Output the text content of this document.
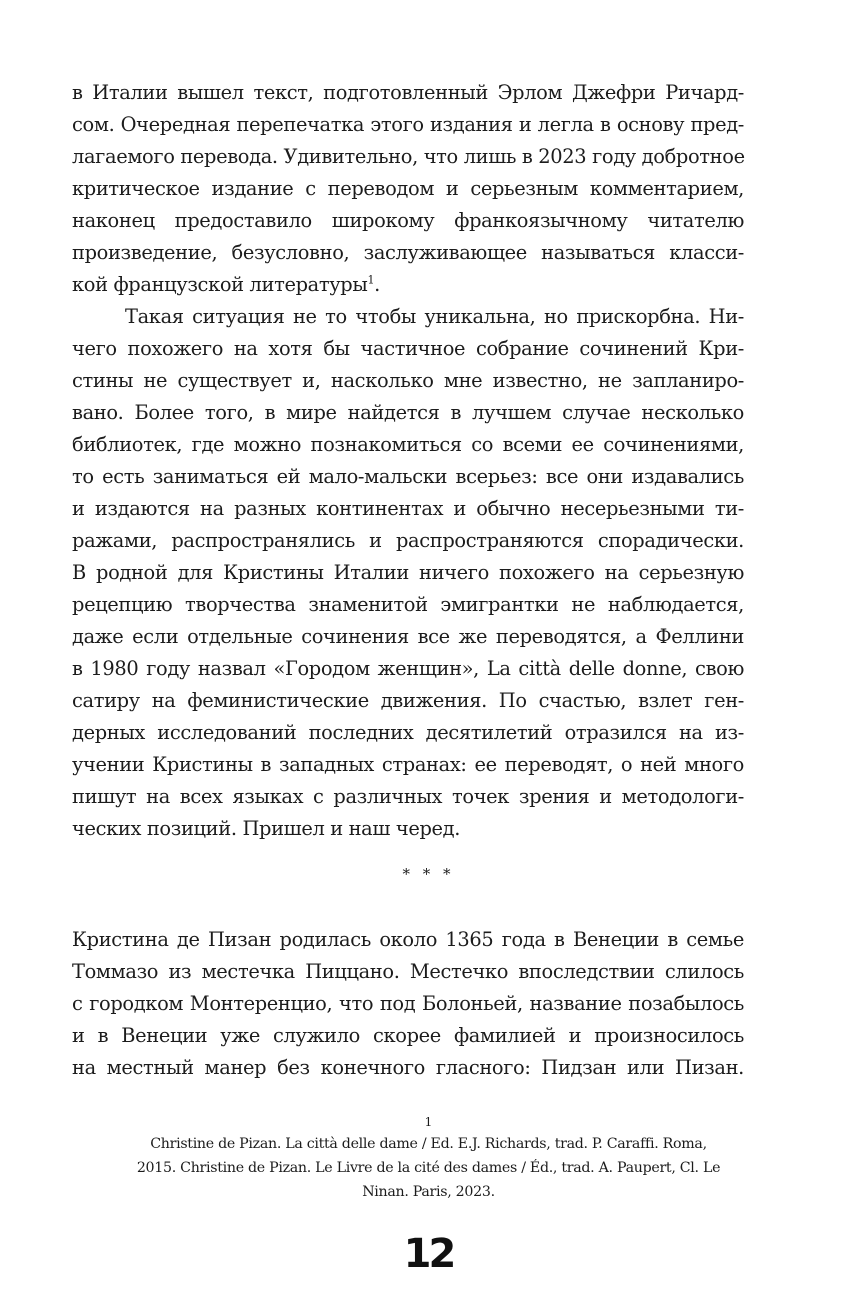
в Италии вышел текст, подготовленный Эрлом Джефри Ричард-
сом. Очередная перепечатка этого издания и легла в основу пред-
лагаемого перевода. Удивительно, что лишь в 2023 году добротное
критическое издание с переводом и серьезным комментарием,
наконец предоставило широкому франкоязычному читателю
произведение, безусловно, заслуживающее называться класси-
кой французской литературы$^1$.
Такая ситуация не то чтобы уникальна, но прискорбна. Ни-
чего похожего на хотя бы частичное собрание сочинений Кри-
стины не существует и, насколько мне известно, не запланиро-
вано. Более того, в мире найдется в лучшем случае несколько
библиотек, где можно познакомиться со всеми ее сочинениями,
то есть заниматься ей мало-мальски всерьез: все они издавались
и издаются на разных континентах и обычно несерьезными ти-
ражами, распространялись и распространяются спорадически.
В родной для Кристины Италии ничего похожего на серьезную
рецепцию творчества знаменитой эмигрантки не наблюдается,
даже если отдельные сочинения все же переводятся, а Феллини
в 1980 году назвал «Городом женщин», La città delle donne, свою
сатиру на феминистические движения. По счастью, взлет ген-
дерных исследований последних десятилетий отразился на из-
учении Кристины в западных странах: ее переводят, о ней много
пишут на всех языках с различных точек зрения и методологи-
ческих позиций. Пришел и наш черед.
* * *
Кристина де Пизан родилась около 1365 года в Венеции в семье
Томмазо из местечка Пиццано. Местечко впоследствии слилось
с городком Монтеренцио, что под Болоньей, название позабылось
и в Венеции уже служило скорее фамилией и произносилось
на местный манер без конечного гласного: Пидзан или Пизан.
1
Christine de Pizan. La città delle dame / Ed. E.J. Richards, trad. P. Caraffi. Roma,
2015. Christine de Pizan. Le Livre de la cité des dames / Éd., trad. A. Paupert, Cl. Le
Ninan. Paris, 2023.
12
